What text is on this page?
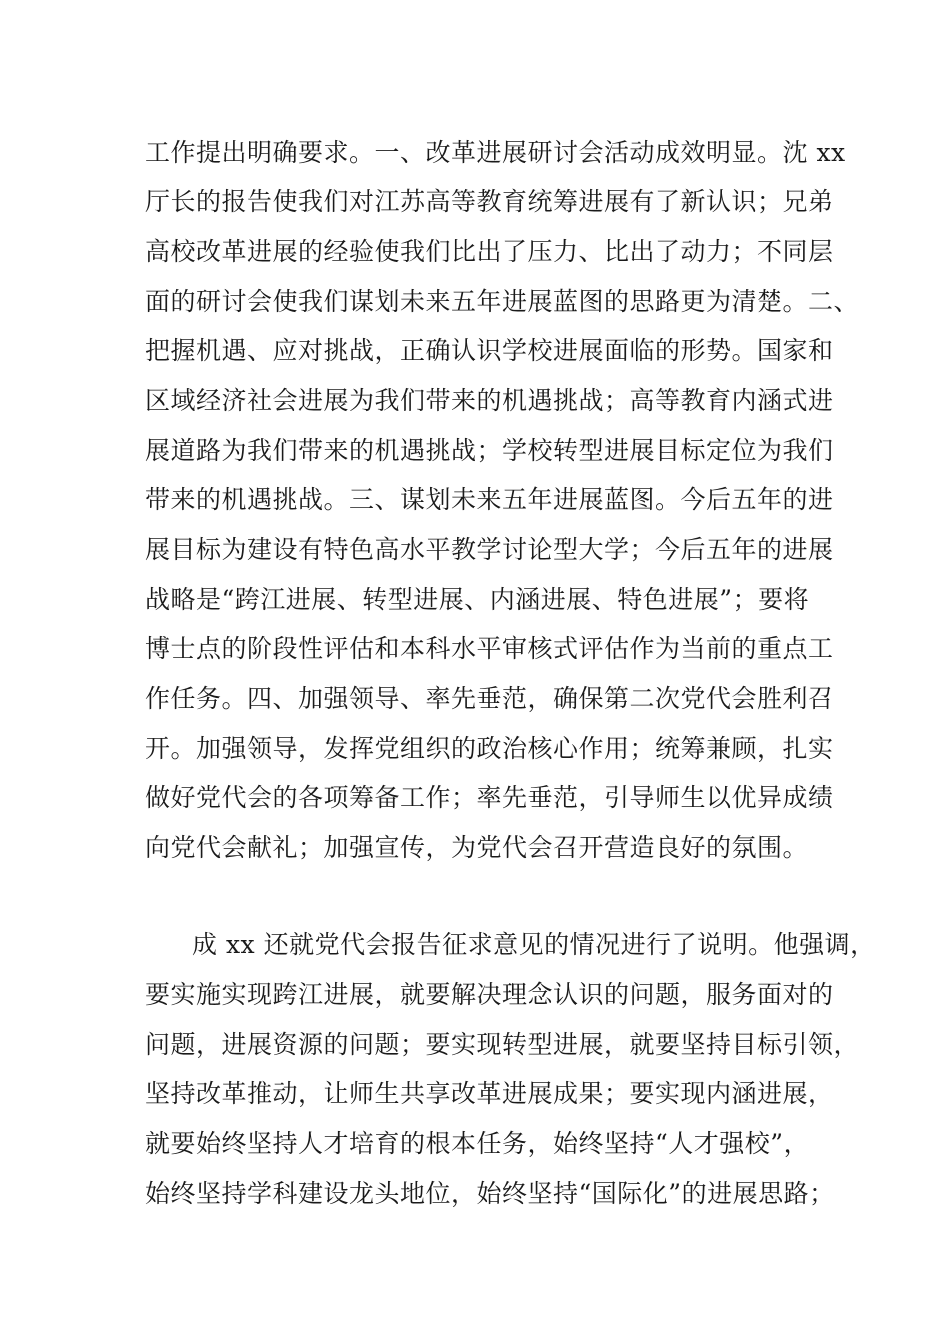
工作提出明确要求。一、改革进展研讨会活动成效明显。沈 xx
厅长的报告使我们对江苏高等教育统筹进展有了新认识；兄弟
高校改革进展的经验使我们比出了压力、比出了动力；不同层
面的研讨会使我们谋划未来五年进展蓝图的思路更为清楚。二、
把握机遇、应对挑战，正确认识学校进展面临的形势。国家和
区域经济社会进展为我们带来的机遇挑战；高等教育内涵式进
展道路为我们带来的机遇挑战；学校转型进展目标定位为我们
带来的机遇挑战。三、谋划未来五年进展蓝图。今后五年的进
展目标为建设有特色高水平教学讨论型大学；今后五年的进展
战略是“跨江进展、转型进展、内涵进展、特色进展”；要将
博士点的阶段性评估和本科水平审核式评估作为当前的重点工
作任务。四、加强领导、率先垂范，确保第二次党代会胜利召
开。加强领导，发挥党组织的政治核心作用；统筹兼顾，扎实
做好党代会的各项筹备工作；率先垂范，引导师生以优异成绩
向党代会献礼；加强宣传，为党代会召开营造良好的氛围。
成 xx 还就党代会报告征求意见的情况进行了说明。他强调，
要实施实现跨江进展，就要解决理念认识的问题，服务面对的
问题，进展资源的问题；要实现转型进展，就要坚持目标引领，
坚持改革推动，让师生共享改革进展成果；要实现内涵进展，
就要始终坚持人才培育的根本任务，始终坚持“人才强校”，
始终坚持学科建设龙头地位，始终坚持“国际化”的进展思路；
